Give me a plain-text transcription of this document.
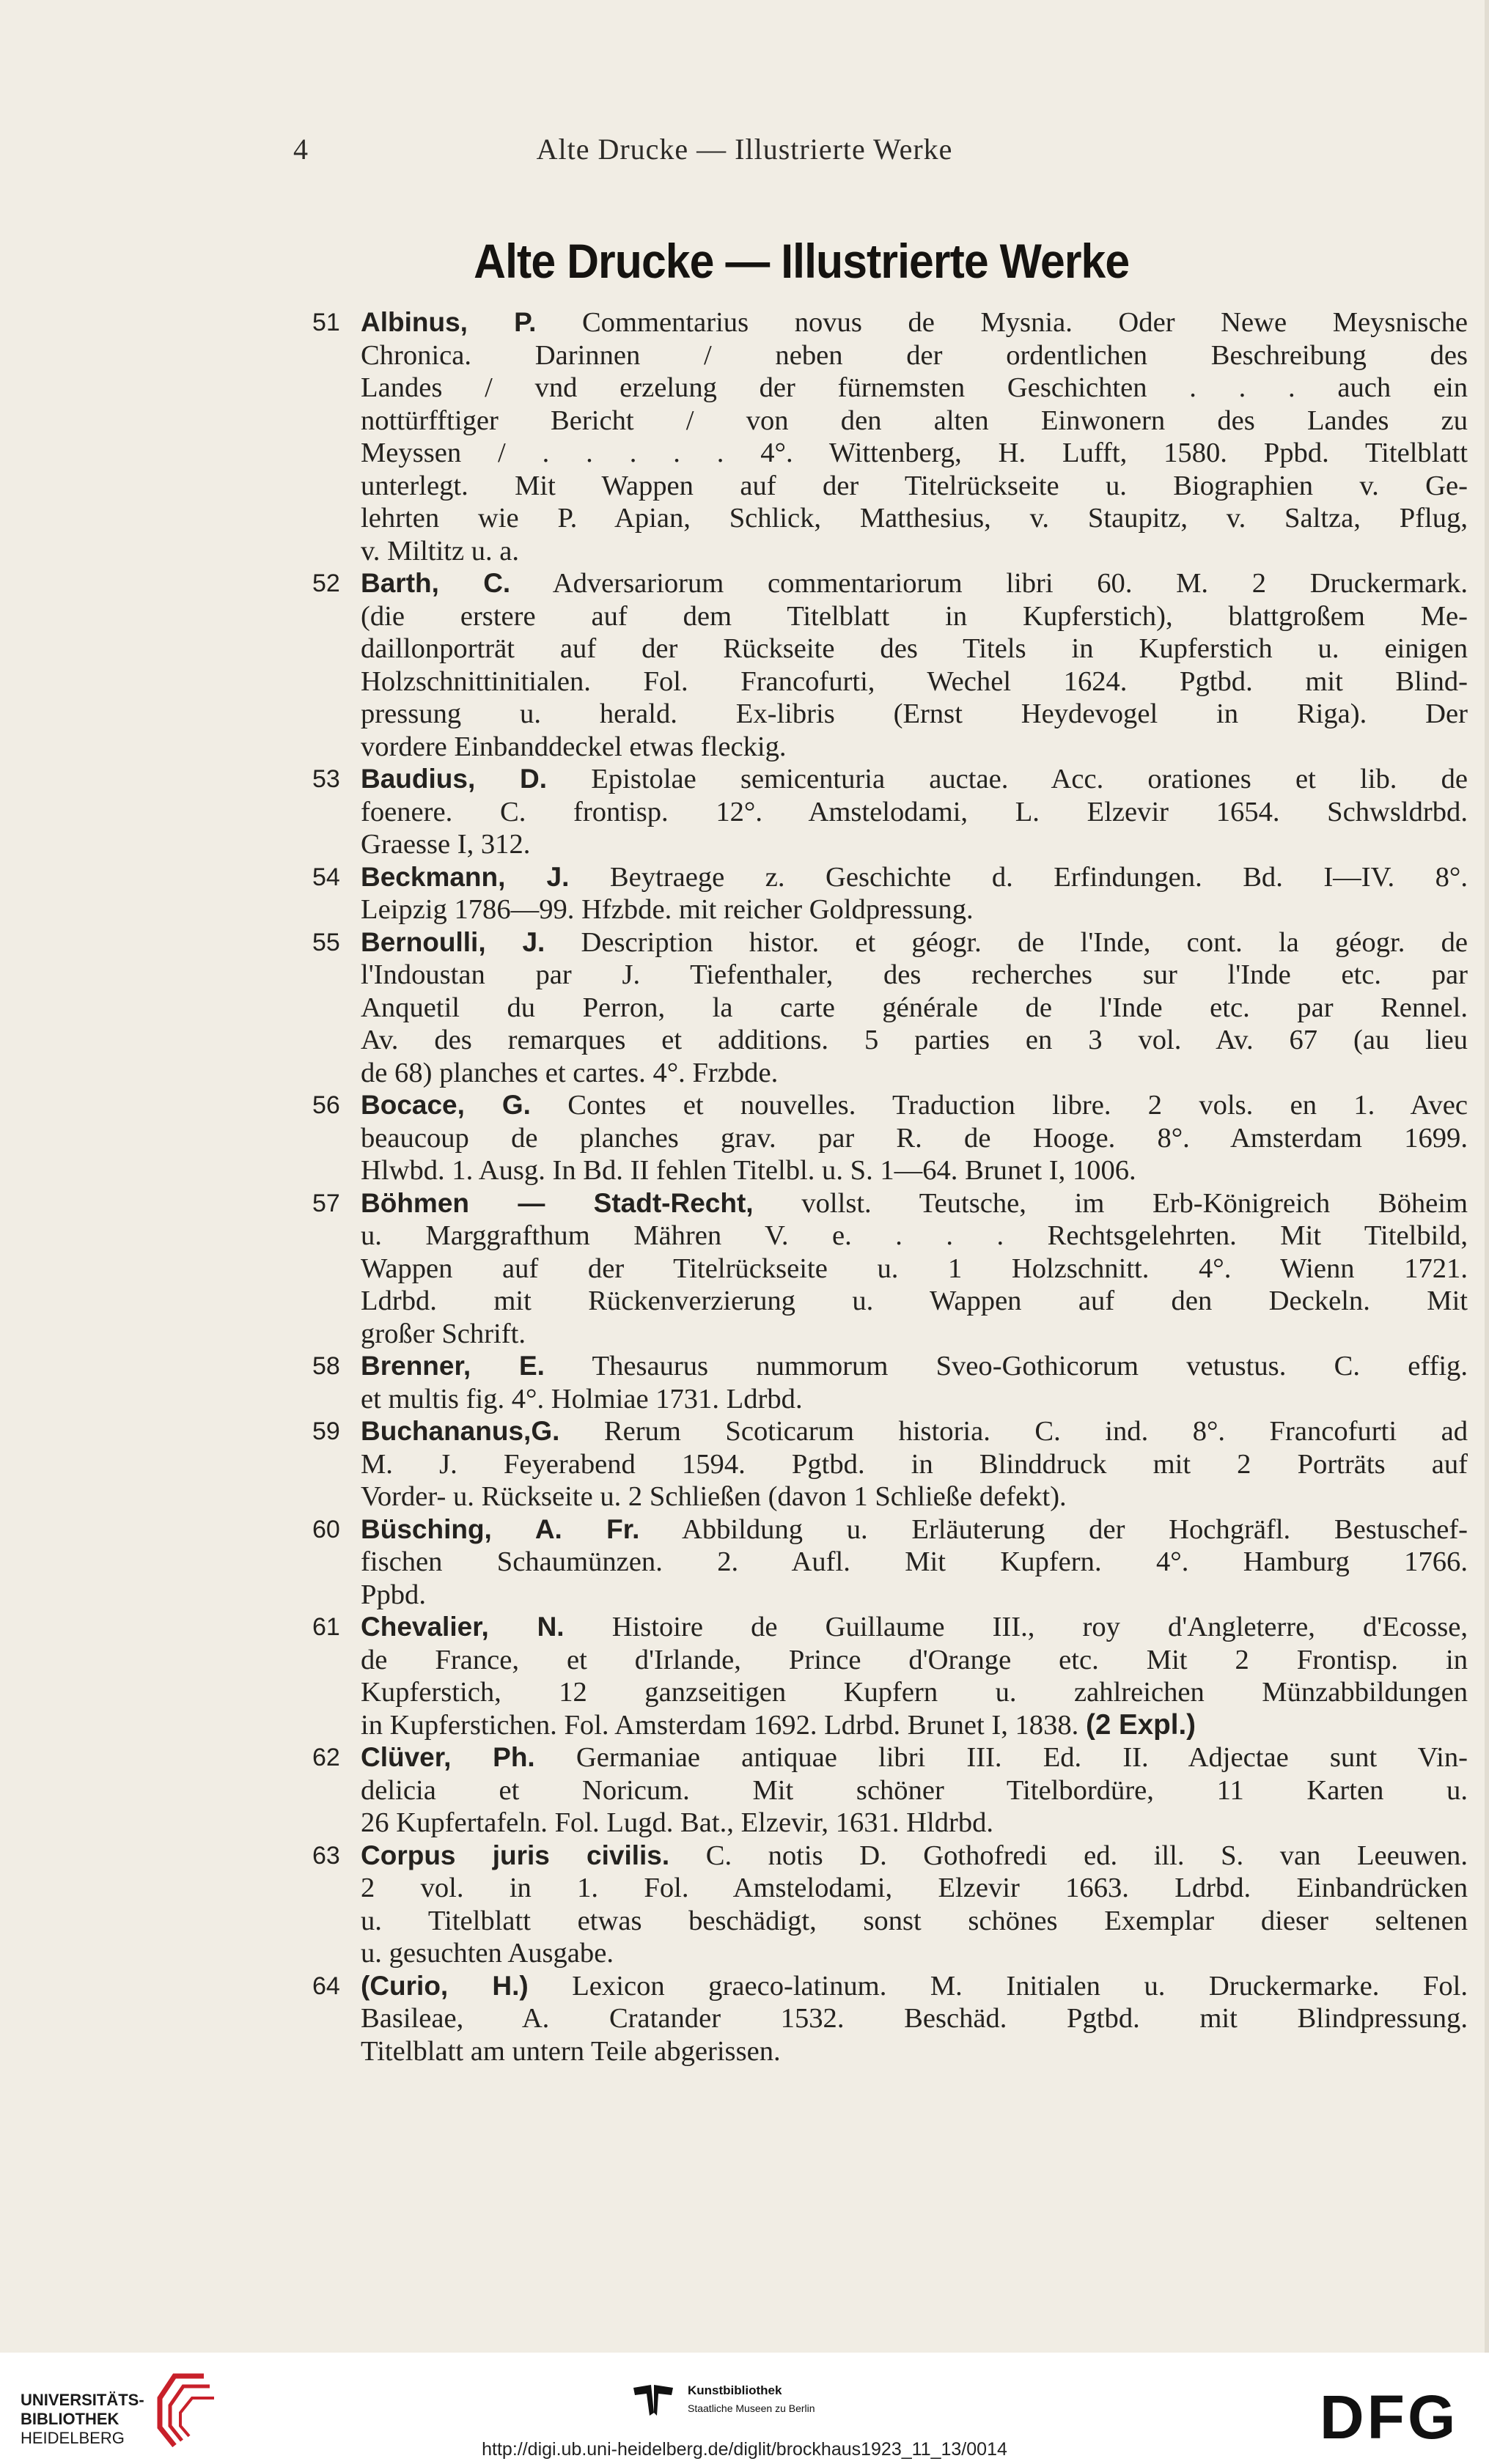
4	Alte Drucke — Illustrierte Werke
Alte Drucke — Illustrierte Werke
51 Albinus, P. Commentarius novus de Mysnia. Oder Newe Meysnische
Chronica. Darinnen / neben der ordentlichen Beschreibung des
Landes / vnd erzelung der fürnemsten Geschichten . . . auch ein
nottürfftiger Bericht / von den alten Einwonern des Landes zu
Meyssen / . . . . . 4°. Wittenberg, H. Lufft, 1580. Ppbd. Titelblatt
unterlegt. Mit Wappen auf der Titelrückseite u. Biographien v. Ge-
lehrten wie P. Apian, Schlick, Matthesius, v. Staupitz, v. Saltza, Pflug,
v. Miltitz u. a.
52 Barth, C. Adversariorum commentariorum libri 60. M. 2 Druckermark.
(die erstere auf dem Titelblatt in Kupferstich), blattgroßem Me-
daillonporträt auf der Rückseite des Titels in Kupferstich u. einigen
Holzschnittinitialen. Fol. Francofurti, Wechel 1624. Pgtbd. mit Blind-
pressung u. herald. Ex-libris (Ernst Heydevogel in Riga). Der
vordere Einbanddeckel etwas fleckig.
53 Baudius, D. Epistolae semicenturia auctae. Acc. orationes et lib. de
foenere. C. frontisp. 12°. Amstelodami, L. Elzevir 1654. Schwsldrbd.
Graesse I, 312.
54 Beckmann, J. Beytraege z. Geschichte d. Erfindungen. Bd. I—IV. 8°.
Leipzig 1786—99. Hfzbde. mit reicher Goldpressung.
55 Bernoulli, J. Description histor. et géogr. de l'Inde, cont. la géogr. de
l'Indoustan par J. Tiefenthaler, des recherches sur l'Inde etc. par
Anquetil du Perron, la carte générale de l'Inde etc. par Rennel.
Av. des remarques et additions. 5 parties en 3 vol. Av. 67 (au lieu
de 68) planches et cartes. 4°. Frzbde.
56 Bocace, G. Contes et nouvelles. Traduction libre. 2 vols. en 1. Avec
beaucoup de planches grav. par R. de Hooge. 8°. Amsterdam 1699.
Hlwbd. 1. Ausg. In Bd. II fehlen Titelbl. u. S. 1—64. Brunet I, 1006.
57 Böhmen — Stadt-Recht, vollst. Teutsche, im Erb-Königreich Böheim
u. Marggrafthum Mähren V. e. . . . Rechtsgelehrten. Mit Titelbild,
Wappen auf der Titelrückseite u. 1 Holzschnitt. 4°. Wienn 1721.
Ldrbd. mit Rückenverzierung u. Wappen auf den Deckeln. Mit
großer Schrift.
58 Brenner, E. Thesaurus nummorum Sveo-Gothicorum vetustus. C. effig.
et multis fig. 4°. Holmiae 1731. Ldrbd.
59 Buchananus,G. Rerum Scoticarum historia. C. ind. 8°. Francofurti ad
M. J. Feyerabend 1594. Pgtbd. in Blinddruck mit 2 Porträts auf
Vorder- u. Rückseite u. 2 Schließen (davon 1 Schließe defekt).
60 Büsching, A. Fr. Abbildung u. Erläuterung der Hochgräfl. Bestuschef-
fischen Schaumünzen. 2. Aufl. Mit Kupfern. 4°. Hamburg 1766.
Ppbd.
61 Chevalier, N. Histoire de Guillaume III., roy d'Angleterre, d'Ecosse,
de France, et d'Irlande, Prince d'Orange etc. Mit 2 Frontisp. in
Kupferstich, 12 ganzseitigen Kupfern u. zahlreichen Münzabbildungen
in Kupferstichen. Fol. Amsterdam 1692. Ldrbd. Brunet I, 1838. (2 Expl.)
62 Clüver, Ph. Germaniae antiquae libri III. Ed. II. Adjectae sunt Vin-
delicia et Noricum. Mit schöner Titelbordüre, 11 Karten u.
26 Kupfertafeln. Fol. Lugd. Bat., Elzevir, 1631. Hldrbd.
63 Corpus juris civilis. C. notis D. Gothofredi ed. ill. S. van Leeuwen.
2 vol. in 1. Fol. Amstelodami, Elzevir 1663. Ldrbd. Einbandrücken
u. Titelblatt etwas beschädigt, sonst schönes Exemplar dieser seltenen
u. gesuchten Ausgabe.
64 (Curio, H.) Lexicon graeco-latinum. M. Initialen u. Druckermarke. Fol.
Basileae, A. Cratander 1532. Beschäd. Pgtbd. mit Blindpressung.
Titelblatt am untern Teile abgerissen.
UNIVERSITÄTS-
BIBLIOTHEK
HEIDELBERG
Kunstbibliothek
Staatliche Museen zu Berlin	DFG
http://digi.ub.uni-heidelberg.de/diglit/brockhaus1923_11_13/0014
